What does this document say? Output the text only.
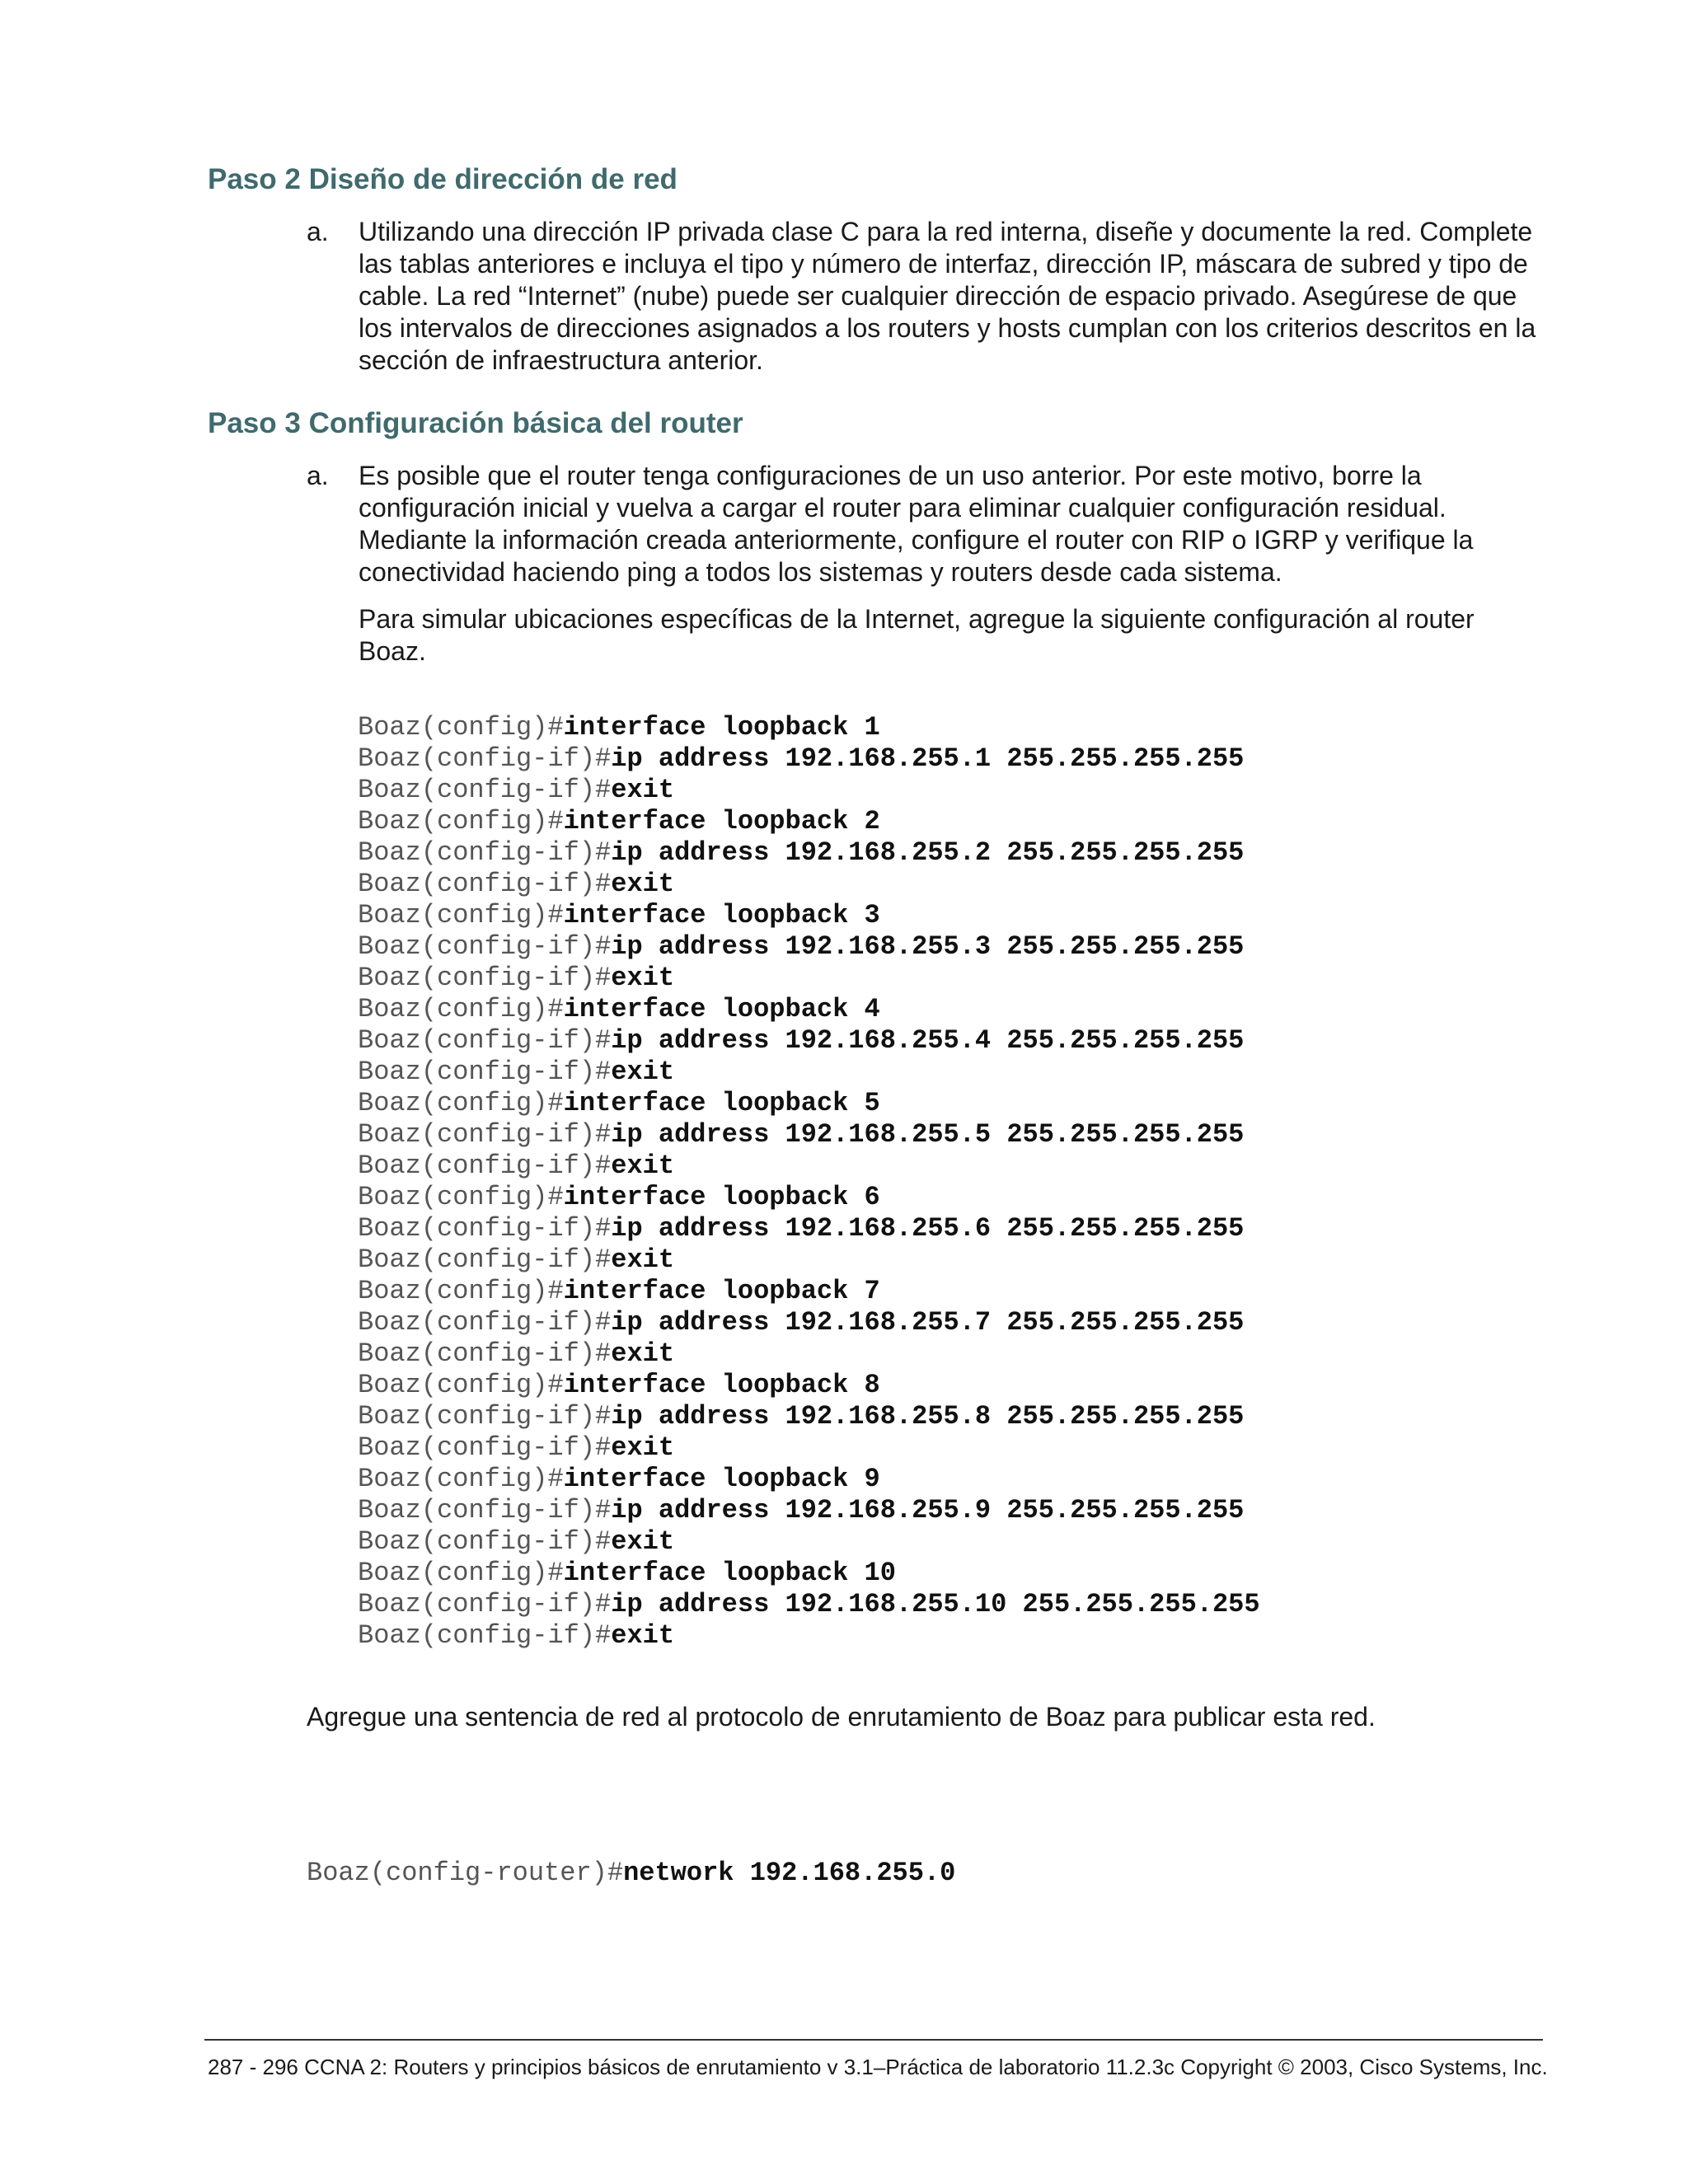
Paso 2 Diseño de dirección de red
a. Utilizando una dirección IP privada clase C para la red interna, diseñe y documente la red. Complete las tablas anteriores e incluya el tipo y número de interfaz, dirección IP, máscara de subred y tipo de cable. La red “Internet” (nube) puede ser cualquier dirección de espacio privado. Asegúrese de que los intervalos de direcciones asignados a los routers y hosts cumplan con los criterios descritos en la sección de infraestructura anterior.

Paso 3 Configuración básica del router
a. Es posible que el router tenga configuraciones de un uso anterior. Por este motivo, borre la configuración inicial y vuelva a cargar el router para eliminar cualquier configuración residual. Mediante la información creada anteriormente, configure el router con RIP o IGRP y verifique la conectividad haciendo ping a todos los sistemas y routers desde cada sistema.

Para simular ubicaciones específicas de la Internet, agregue la siguiente configuración al router Boaz.

Boaz(config)#interface loopback 1
Boaz(config-if)#ip address 192.168.255.1 255.255.255.255
Boaz(config-if)#exit
Boaz(config)#interface loopback 2
Boaz(config-if)#ip address 192.168.255.2 255.255.255.255
Boaz(config-if)#exit
Boaz(config)#interface loopback 3
Boaz(config-if)#ip address 192.168.255.3 255.255.255.255
Boaz(config-if)#exit
Boaz(config)#interface loopback 4
Boaz(config-if)#ip address 192.168.255.4 255.255.255.255
Boaz(config-if)#exit
Boaz(config)#interface loopback 5
Boaz(config-if)#ip address 192.168.255.5 255.255.255.255
Boaz(config-if)#exit
Boaz(config)#interface loopback 6
Boaz(config-if)#ip address 192.168.255.6 255.255.255.255
Boaz(config-if)#exit
Boaz(config)#interface loopback 7
Boaz(config-if)#ip address 192.168.255.7 255.255.255.255
Boaz(config-if)#exit
Boaz(config)#interface loopback 8
Boaz(config-if)#ip address 192.168.255.8 255.255.255.255
Boaz(config-if)#exit
Boaz(config)#interface loopback 9
Boaz(config-if)#ip address 192.168.255.9 255.255.255.255
Boaz(config-if)#exit
Boaz(config)#interface loopback 10
Boaz(config-if)#ip address 192.168.255.10 255.255.255.255
Boaz(config-if)#exit
Agregue una sentencia de red al protocolo de enrutamiento de Boaz para publicar esta red.

Boaz(config-router)#network 192.168.255.0

287 - 296 CCNA 2: Routers y principios básicos de enrutamiento v 3.1–Práctica de laboratorio 11.2.3c Copyright © 2003, Cisco Systems, Inc.
